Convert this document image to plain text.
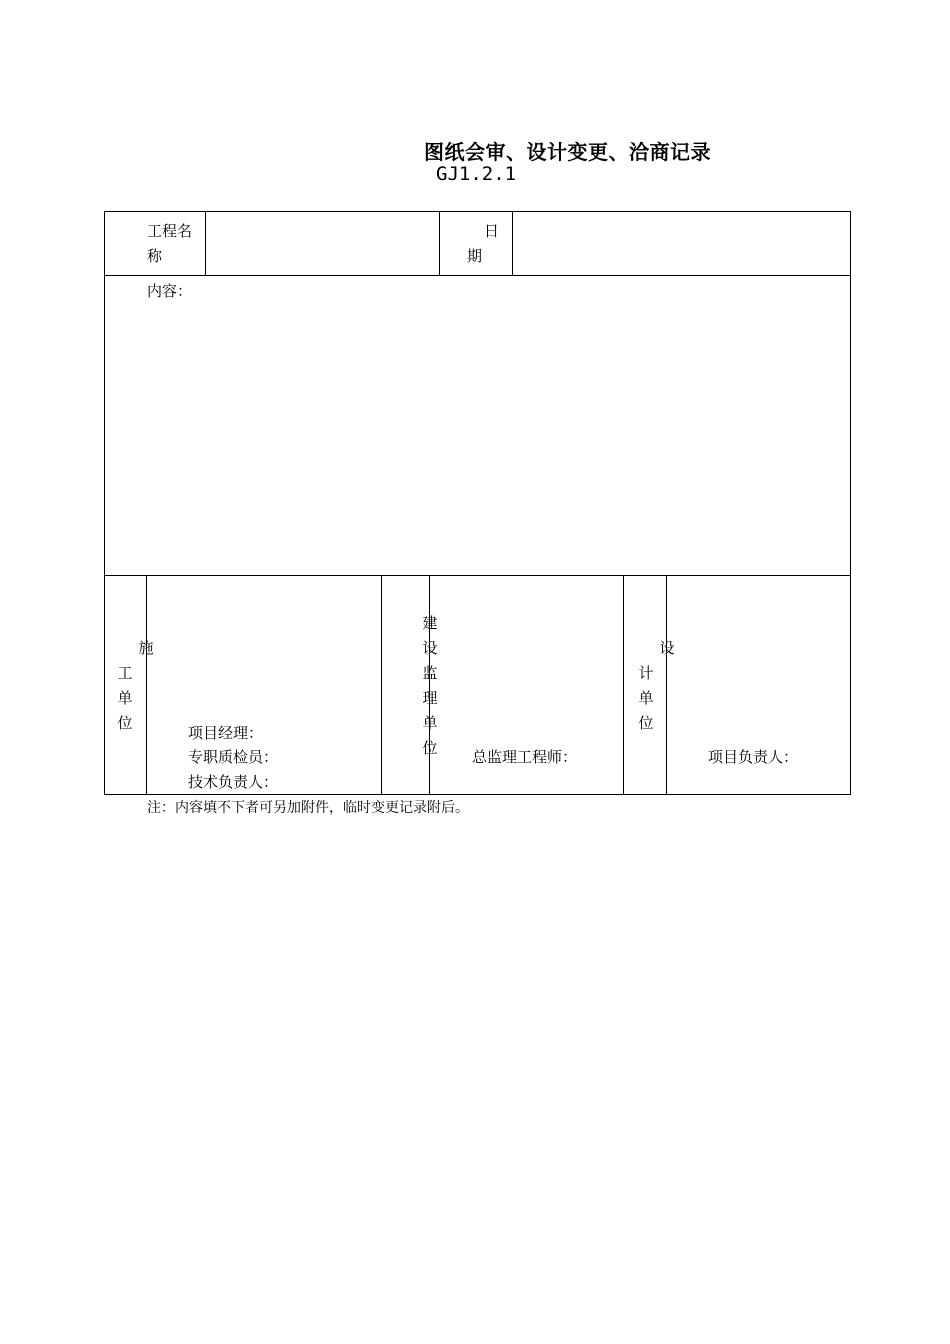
图纸会审、设计变更、洽商记录
GJ1.2.1
工程名
称
日
期
内容：
施
工
单
位
项目经理：
专职质检员：
技术负责人：
建
设
监
理
单
位 总监理工程师：
设
计
单
位
项目负责人：
注：内容填不下者可另加附件，临时变更记录附后。
